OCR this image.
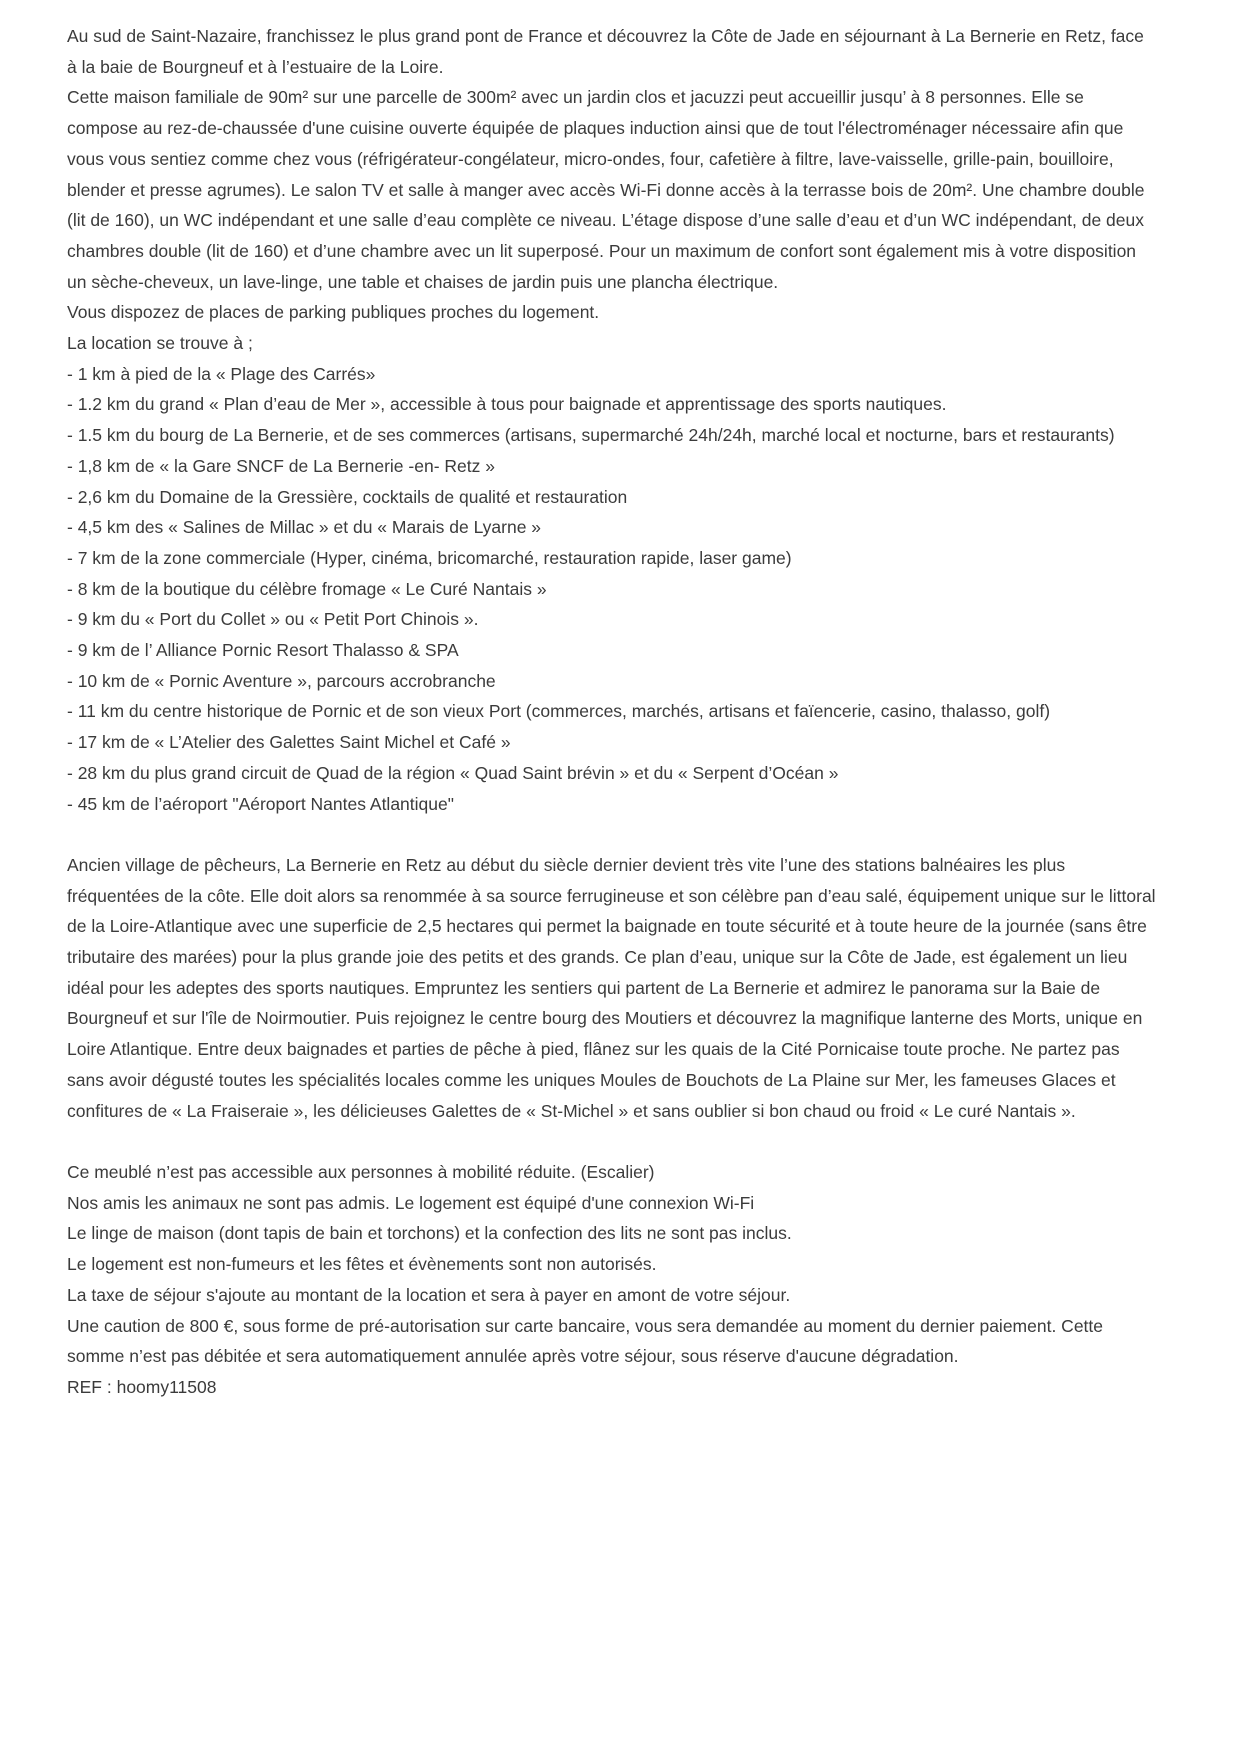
Au sud de Saint-Nazaire, franchissez le plus grand pont de France et découvrez la Côte de Jade en séjournant à La Bernerie en Retz, face à la baie de Bourgneuf et à l’estuaire de la Loire.

Cette maison familiale de 90m² sur une parcelle de 300m² avec un jardin clos et jacuzzi peut accueillir jusqu’ à 8 personnes. Elle se compose au rez-de-chaussée d'une cuisine ouverte équipée de plaques induction ainsi que de tout l'électroménager nécessaire afin que vous vous sentiez comme chez vous (réfrigérateur-congélateur, micro-ondes, four, cafetière à filtre, lave-vaisselle, grille-pain, bouilloire, blender et presse agrumes). Le salon TV et salle à manger avec accès Wi-Fi donne accès à la terrasse bois de 20m². Une chambre double (lit de 160), un WC indépendant et une salle d’eau complète ce niveau. L’étage dispose d’une salle d’eau et d’un WC indépendant, de deux chambres double (lit de 160) et d’une chambre avec un lit superposé. Pour un maximum de confort sont également mis à votre disposition un sèche-cheveux, un lave-linge, une table et chaises de jardin puis une plancha électrique.

Vous dispozez de places de parking publiques proches du logement.

La location se trouve à ;

- 1 km à pied de la « Plage des Carrés»

- 1.2 km du grand « Plan d’eau de Mer », accessible à tous pour baignade et apprentissage des sports nautiques.

- 1.5 km du bourg de La Bernerie, et de ses commerces (artisans, supermarché 24h/24h, marché local et nocturne, bars et restaurants)

- 1,8 km de « la Gare SNCF de La Bernerie -en- Retz »

- 2,6 km du Domaine de la Gressière, cocktails de qualité et restauration

- 4,5 km des « Salines de Millac » et du « Marais de Lyarne »

- 7 km de la zone commerciale (Hyper, cinéma, bricomarché, restauration rapide, laser game)

- 8 km de la boutique du célèbre fromage « Le Curé Nantais »

- 9 km du « Port du Collet » ou « Petit Port Chinois ».

- 9 km de l’ Alliance Pornic Resort Thalasso & SPA

- 10 km de « Pornic Aventure », parcours accrobranche

- 11 km du centre historique de Pornic et de son vieux Port (commerces, marchés, artisans et faïencerie, casino, thalasso, golf)

- 17 km de « L’Atelier des Galettes Saint Michel et Café »

- 28 km du plus grand circuit de Quad de la région « Quad Saint brévin » et du « Serpent d’Océan »

- 45 km de l’aéroport "Aéroport Nantes Atlantique"

Ancien village de pêcheurs, La Bernerie en Retz au début du siècle dernier devient très vite l’une des stations balnéaires les plus fréquentées de la côte. Elle doit alors sa renommée à sa source ferrugineuse et son célèbre pan d’eau salé, équipement unique sur le littoral de la Loire-Atlantique avec une superficie de 2,5 hectares qui permet la baignade en toute sécurité et à toute heure de la journée (sans être tributaire des marées) pour la plus grande joie des petits et des grands. Ce plan d’eau, unique sur la Côte de Jade, est également un lieu idéal pour les adeptes des sports nautiques. Empruntez les sentiers qui partent de La Bernerie et admirez le panorama sur la Baie de Bourgneuf et sur l'île de Noirmoutier. Puis rejoignez le centre bourg des Moutiers et découvrez la magnifique lanterne des Morts, unique en Loire Atlantique. Entre deux baignades et parties de pêche à pied, flânez sur les quais de la Cité Pornicaise toute proche. Ne partez pas sans avoir dégusté toutes les spécialités locales comme les uniques Moules de Bouchots de La Plaine sur Mer, les fameuses Glaces et confitures de « La Fraiseraie », les délicieuses Galettes de « St-Michel » et sans oublier si bon chaud ou froid « Le curé Nantais ».

Ce meublé n’est pas accessible aux personnes à mobilité réduite. (Escalier)

Nos amis les animaux ne sont pas admis. Le logement est équipé d'une connexion Wi-Fi

Le linge de maison (dont tapis de bain et torchons) et la confection des lits ne sont pas inclus.

Le logement est non-fumeurs et les fêtes et évènements sont non autorisés.

La taxe de séjour s'ajoute au montant de la location et sera à payer en amont de votre séjour.

Une caution de 800 €, sous forme de pré-autorisation sur carte bancaire, vous sera demandée au moment du dernier paiement. Cette somme n’est pas débitée et sera automatiquement annulée après votre séjour, sous réserve d'aucune dégradation.

REF : hoomy11508
